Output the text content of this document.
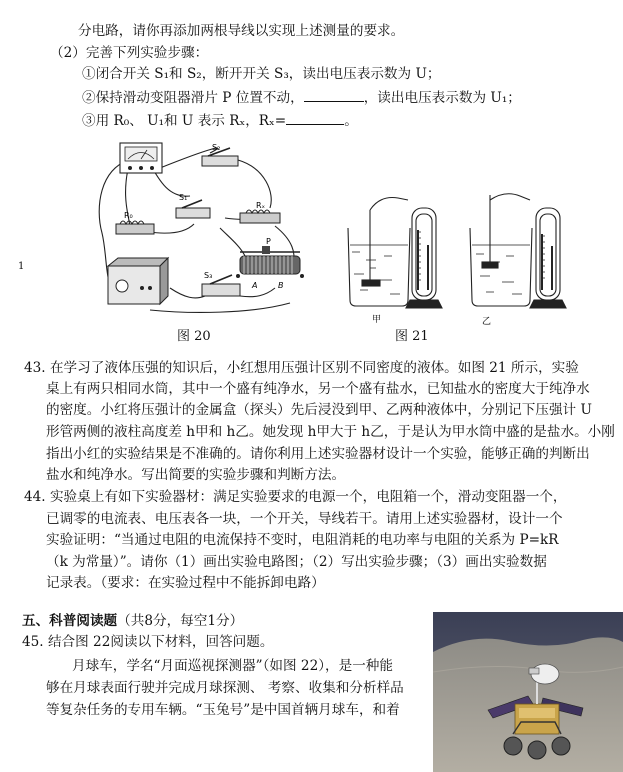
分电路，请你再添加两根导线以实现上述测量的要求。
（2）完善下列实验步骤：
①闭合开关 S₁和 S₂，断开开关 S₃，读出电压表示数为 U；
②保持滑动变阻器滑片 P 位置不动，	，读出电压表示数为 U₁；
③用 R₀、 U₁和 U 表示 Rₓ，Rₓ=	。
1
S₂
S₁
R₀
Rₓ
S₃
P
A	B
图 20
甲	乙
图 21
43. 在学习了液体压强的知识后，小红想用压强计区别不同密度的液体。如图 21 所示，实验
桌上有两只相同水筒，其中一个盛有纯净水，另一个盛有盐水，已知盐水的密度大于纯净水
的密度。小红将压强计的金属盒（探头）先后浸没到甲、乙两种液体中，分别记下压强计 U
形管两侧的液柱高度差 h甲和 h乙。她发现 h甲大于 h乙，于是认为甲水筒中盛的是盐水。小刚
指出小红的实验结果是不准确的。请你利用上述实验器材设计一个实验，能够正确的判断出
盐水和纯净水。写出简要的实验步骤和判断方法。
44. 实验桌上有如下实验器材：满足实验要求的电源一个，电阻箱一个，滑动变阻器一个，
已调零的电流表、电压表各一块，一个开关，导线若干。请用上述实验器材，设计一个
实验证明：“当通过电阻的电流保持不变时，电阻消耗的电功率与电阻的关系为 P=kR
（k 为常量）”。请你（1）画出实验电路图；（2）写出实验步骤；（3）画出实验数据
记录表。（要求：在实验过程中不能拆卸电路）
五、科普阅读题（共8分，每空1分）
45. 结合图 22阅读以下材料，回答问题。
月球车，学名“月面巡视探测器”（如图 22），是一种能
够在月球表面行驶并完成月球探测、 考察、收集和分析样品
等复杂任务的专用车辆。“玉兔号”是中国首辆月球车，和着
